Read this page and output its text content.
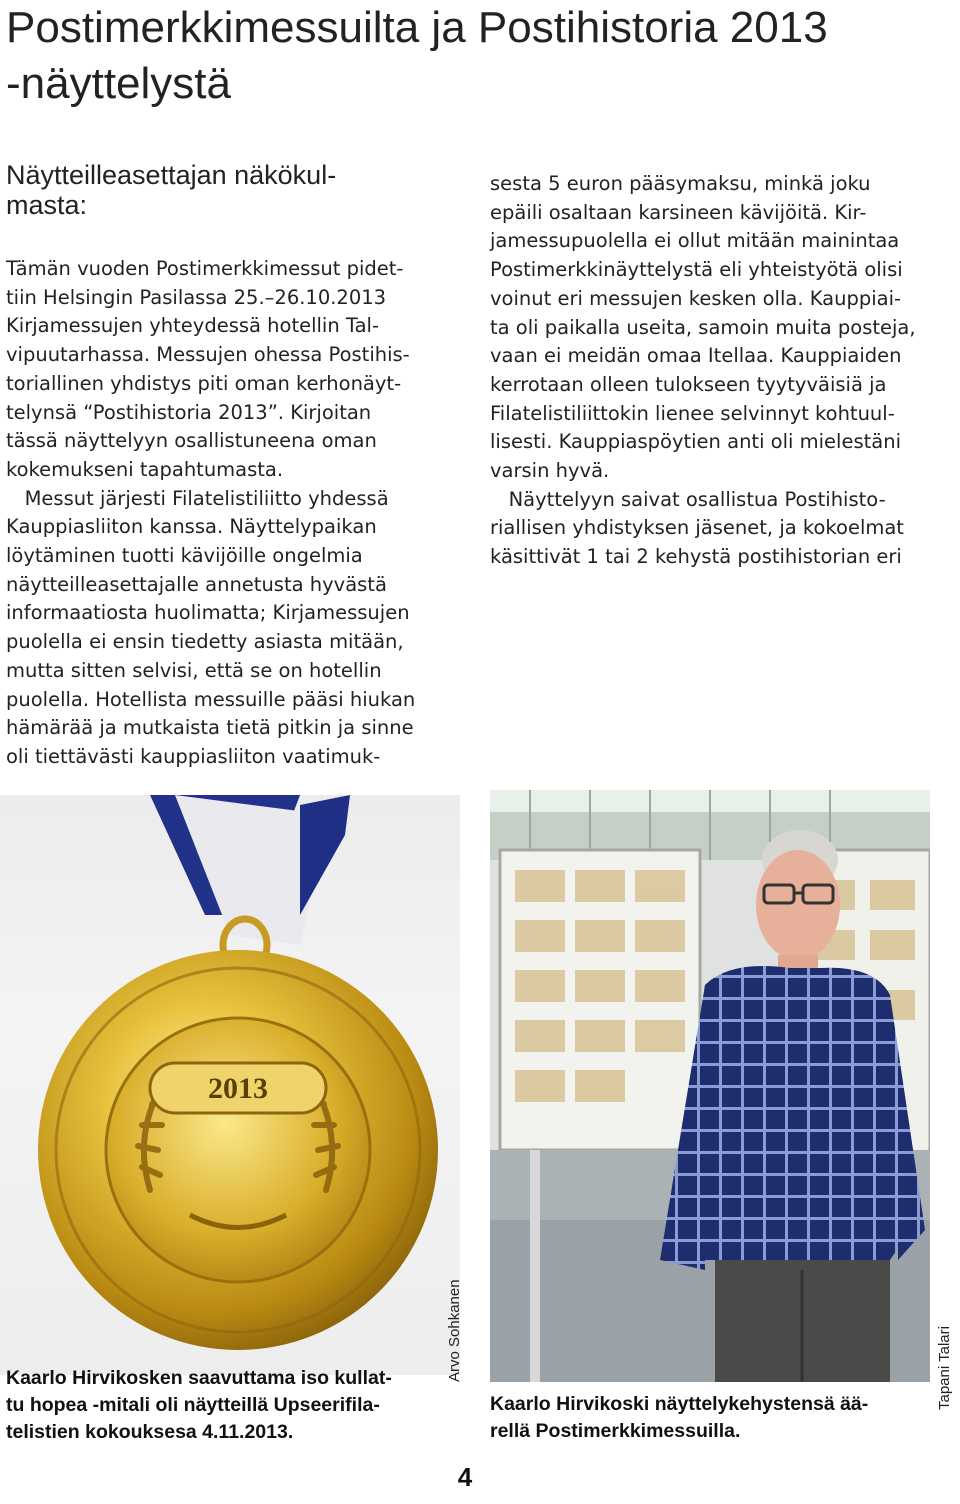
Postimerkkimessuilta ja Postihistoria 2013
-näyttelystä
Näytteilleasettajan näkökul-
masta:
Tämän vuoden Postimerkkimessut pidet-
tiin Helsingin Pasilassa 25.–26.10.2013
Kirjamessujen yhteydessä hotellin Tal-
vipuutarhassa. Messujen ohessa Postihis-
toriallinen yhdistys piti oman kerhonäyt-
telynsä “Postihistoria 2013”. Kirjoitan
tässä näyttelyyn osallistuneena oman
kokemukseni tapahtumasta.
Messut järjesti Filatelistiliitto yhdessä
Kauppiasliiton kanssa. Näyttelypaikan
löytäminen tuotti kävijöille ongelmia
näytteilleasettajalle annetusta hyvästä
informaatiosta huolimatta; Kirjamessujen
puolella ei ensin tiedetty asiasta mitään,
mutta sitten selvisi, että se on hotellin
puolella. Hotellista messuille pääsi hiukan
hämärää ja mutkaista tietä pitkin ja sinne
oli tiettävästi kauppiasliiton vaatimuk-
sesta 5 euron pääsymaksu, minkä joku
epäili osaltaan karsineen kävijöitä. Kir-
jamessupuolella ei ollut mitään mainintaa
Postimerkkinäyttelystä eli yhteistyötä olisi
voinut eri messujen kesken olla. Kauppiai-
ta oli paikalla useita, samoin muita posteja,
vaan ei meidän omaa Itellaa. Kauppiaiden
kerrotaan olleen tulokseen tyytyväisiä ja
Filatelistiliittokin lienee selvinnyt kohtuul-
lisesti. Kauppiaspöytien anti oli mielestäni
varsin hyvä.
Näyttelyyn saivat osallistua Postihisto-
riallisen yhdistyksen jäsenet, ja kokoelmat
käsittivät 1 tai 2 kehystä postihistorian eri
2013
Arvo Sohkanen	Tapani Talari
Kaarlo Hirvikosken saavuttama iso kullat-
tu hopea -mitali oli näytteillä Upseerifila-
telistien kokouksesa 4.11.2013.
Kaarlo Hirvikoski näyttelykehystensä ää-
rellä Postimerkkimessuilla.
4
